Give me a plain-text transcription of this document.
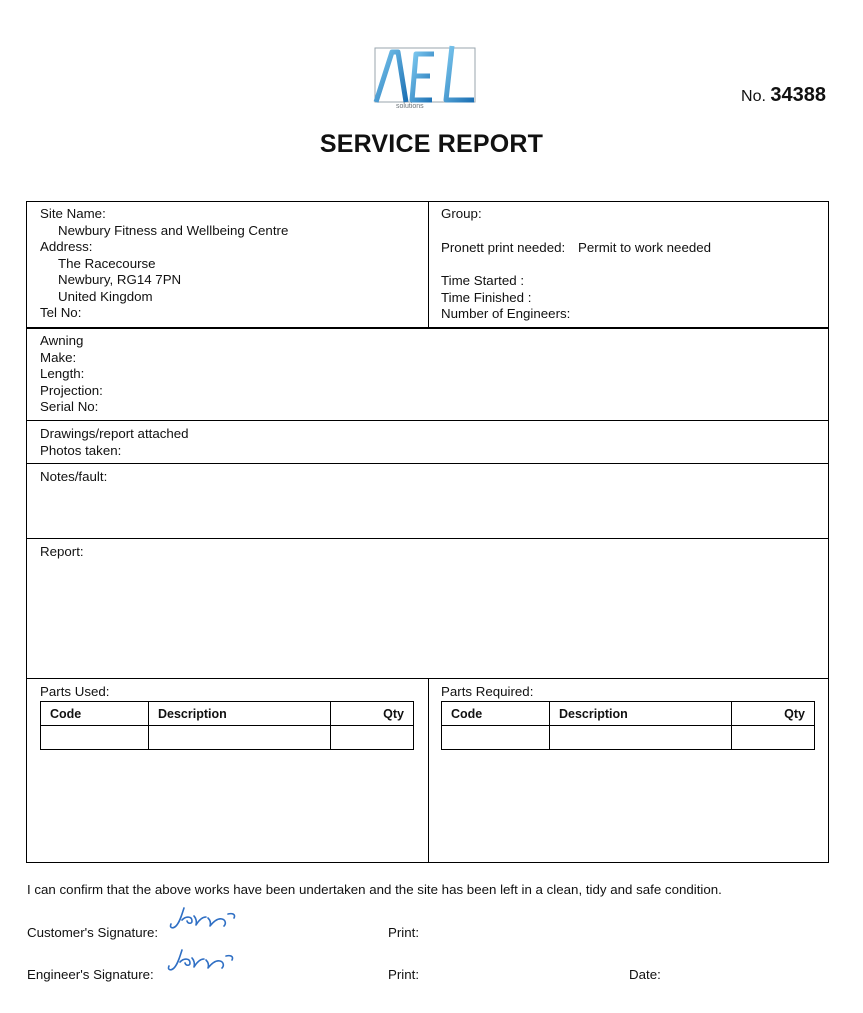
solutions
No. 34388
SERVICE REPORT
Site Name:
Newbury Fitness and Wellbeing Centre
Address:
The Racecourse
Newbury, RG14 7PN
United Kingdom
Tel No:
Group:
Pronett print needed: Permit to work needed
Time Started :
Time Finished :
Number of Engineers:
Awning
Make:
Length:
Projection:
Serial No:
Drawings/report attached
Photos taken:
Notes/fault:
Report:
Parts Used:
Code	Description	Qty

Parts Required:
Code	Description	Qty

I can confirm that the above works have been undertaken and the site has been left in a clean, tidy and safe condition.
Customer's Signature:	Print:
Engineer's Signature:	Print:	Date:
